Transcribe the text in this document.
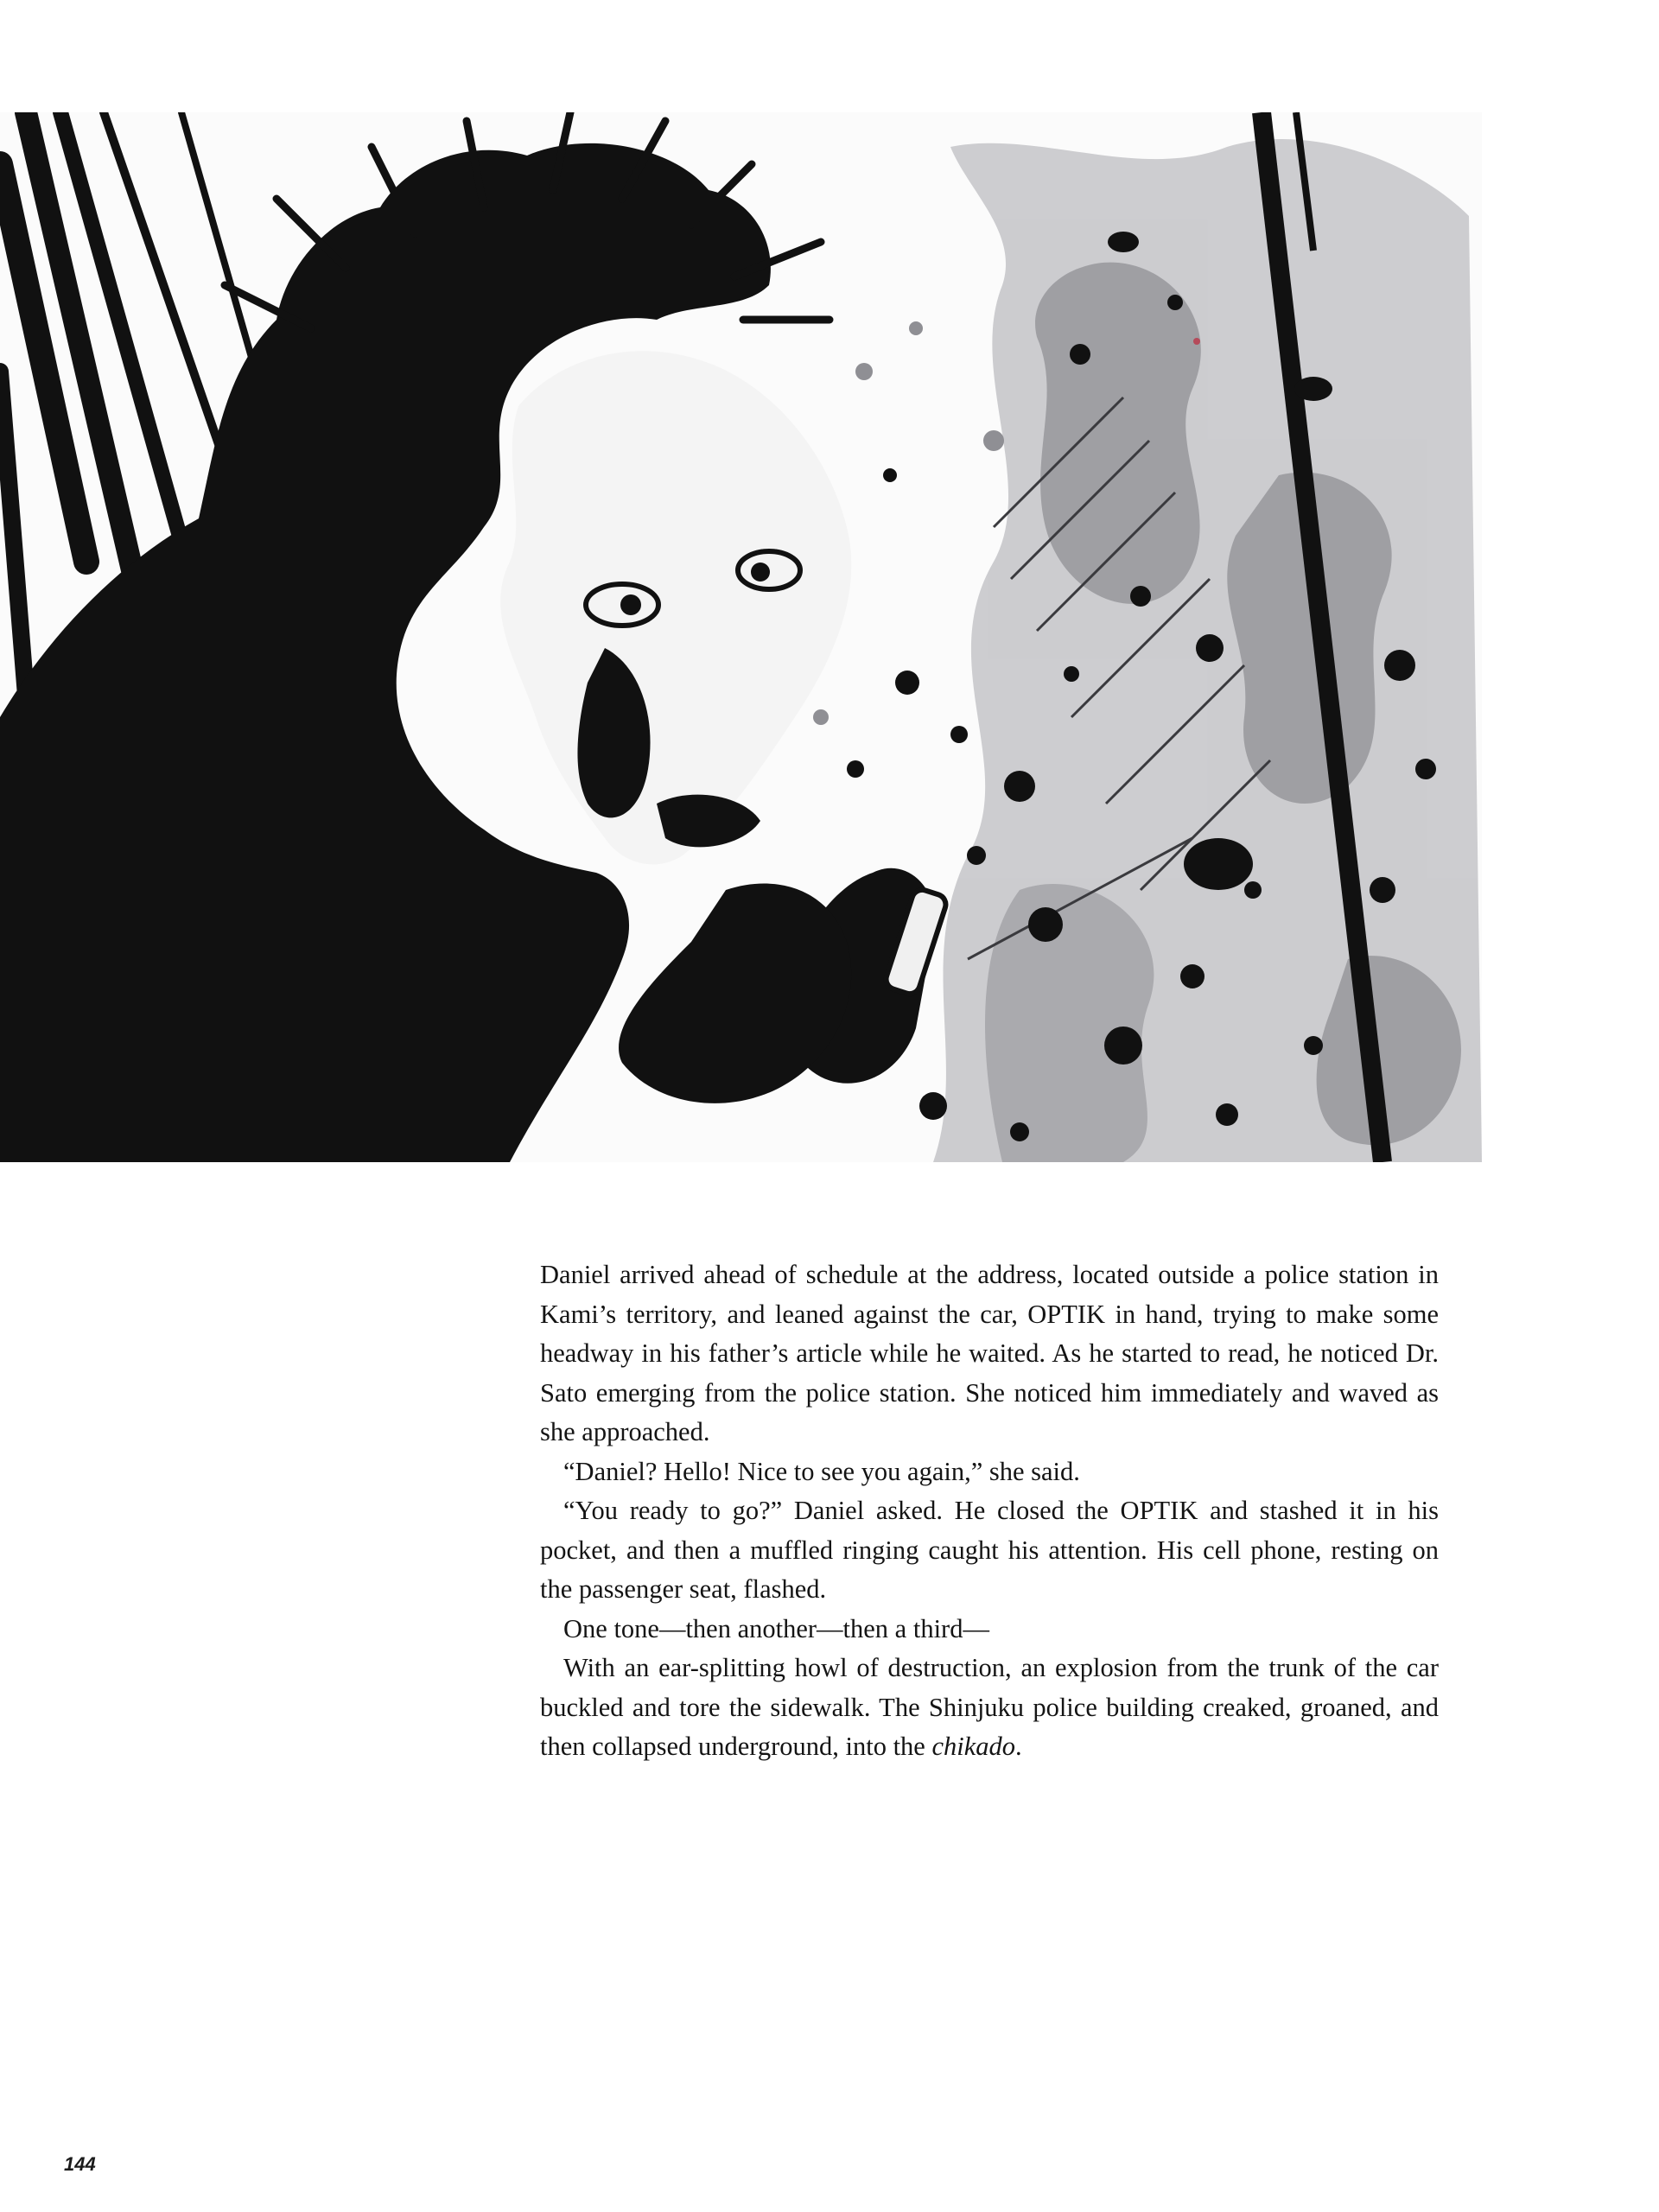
Daniel arrived ahead of schedule at the address, located outside a police station in Kami’s territory, and leaned against the car, OPTIK in hand, trying to make some headway in his father’s article while he waited. As he started to read, he noticed Dr. Sato emerging from the police station. She noticed him immediately and waved as she approached.

“Daniel? Hello! Nice to see you again,” she said.

“You ready to go?” Daniel asked. He closed the OPTIK and stashed it in his pocket, and then a muffled ringing caught his attention. His cell phone, resting on the passenger seat, flashed.

One tone—then another—then a third—

With an ear-splitting howl of destruction, an explosion from the trunk of the car buckled and tore the sidewalk. The Shinjuku police building creaked, groaned, and then collapsed underground, into the chikado.

144
